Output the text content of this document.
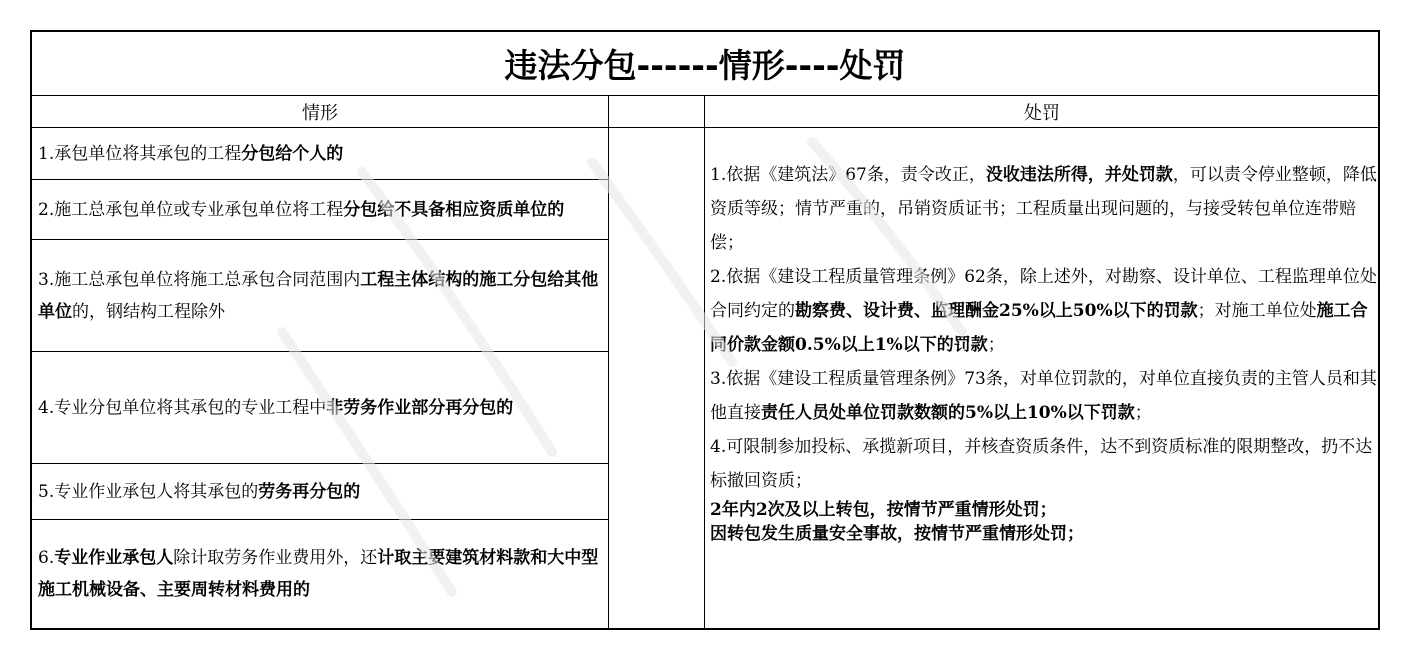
违法分包------情形----处罚
情形	处罚
1.承包单位将其承包的工程分包给个人的
2.施工总承包单位或专业承包单位将工程分包给不具备相应资质单位的
3.施工总承包单位将施工总承包合同范围内工程主体结构的施工分包给其他单位的，钢结构工程除外
4.专业分包单位将其承包的专业工程中非劳务作业部分再分包的
5.专业作业承包人将其承包的劳务再分包的
6.专业作业承包人除计取劳务作业费用外，还计取主要建筑材料款和大中型施工机械设备、主要周转材料费用的

1.依据《建筑法》67条，责令改正，没收违法所得，并处罚款，可以责令停业整顿，降低资质等级；情节严重的，吊销资质证书；工程质量出现问题的，与接受转包单位连带赔偿；

2.依据《建设工程质量管理条例》62条，除上述外，对勘察、设计单位、工程监理单位处合同约定的勘察费、设计费、监理酬金25%以上50%以下的罚款；对施工单位处施工合同价款金额0.5%以上1%以下的罚款；

3.依据《建设工程质量管理条例》73条，对单位罚款的，对单位直接负责的主管人员和其他直接责任人员处单位罚款数额的5%以上10%以下罚款；

4.可限制参加投标、承揽新项目，并核查资质条件，达不到资质标准的限期整改，扔不达标撤回资质；

2年内2次及以上转包，按情节严重情形处罚；

因转包发生质量安全事故，按情节严重情形处罚；
